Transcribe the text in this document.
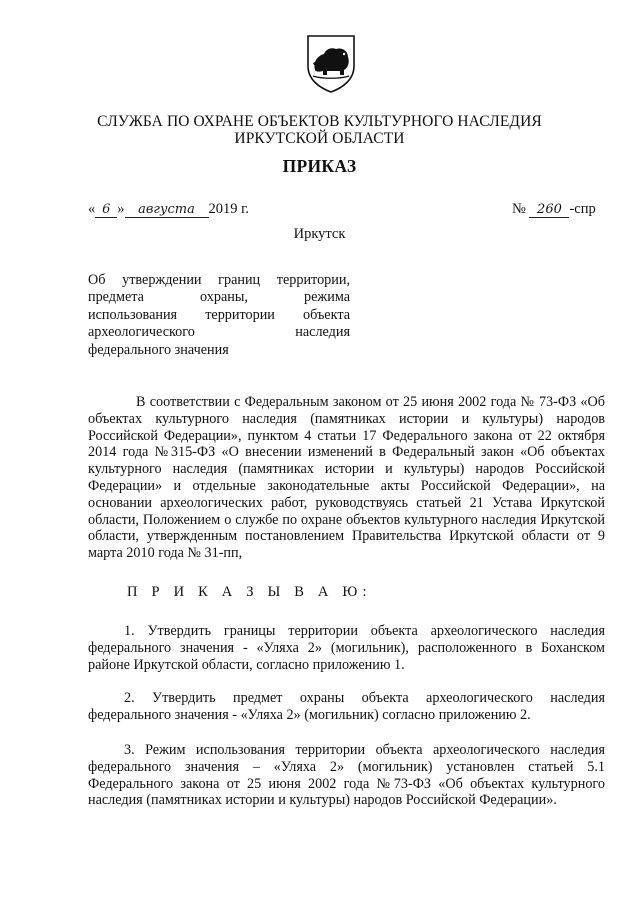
СЛУЖБА ПО ОХРАНЕ ОБЪЕКТОВ КУЛЬТУРНОГО НАСЛЕДИЯ
ИРКУТСКОЙ ОБЛАСТИ
ПРИКАЗ
« 6 » августа 2019 г.	№ 260 -спр
Иркутск
Об утверждении границ территории,
предмета охраны, режима
использования территории объекта
археологического наследия
федерального значения
В соответствии с Федеральным законом от 25 июня 2002 года № 73-ФЗ «Об объектах культурного наследия (памятниках истории и культуры) народов Российской Федерации», пунктом 4 статьи 17 Федерального закона от 22 октября 2014 года №315-ФЗ «О внесении изменений в Федеральный закон «Об объектах культурного наследия (памятниках истории и культуры) народов Российской Федерации» и отдельные законодательные акты Российской Федерации», на основании археологических работ, руководствуясь статьей 21 Устава Иркутской области, Положением о службе по охране объектов культурного наследия Иркутской области, утвержденным постановлением Правительства Иркутской области от 9 марта 2010 года № 31-пп,
П Р И К А З Ы В А Ю:
1. Утвердить границы территории объекта археологического наследия федерального значения - «Уляха 2» (могильник), расположенного в Боханском районе Иркутской области, согласно приложению 1.
2. Утвердить предмет охраны объекта археологического наследия федерального значения - «Уляха 2» (могильник) согласно приложению 2.
3. Режим использования территории объекта археологического наследия федерального значения – «Уляха 2» (могильник) установлен статьей 5.1 Федерального закона от 25 июня 2002 года №73-ФЗ «Об объектах культурного наследия (памятниках истории и культуры) народов Российской Федерации».
